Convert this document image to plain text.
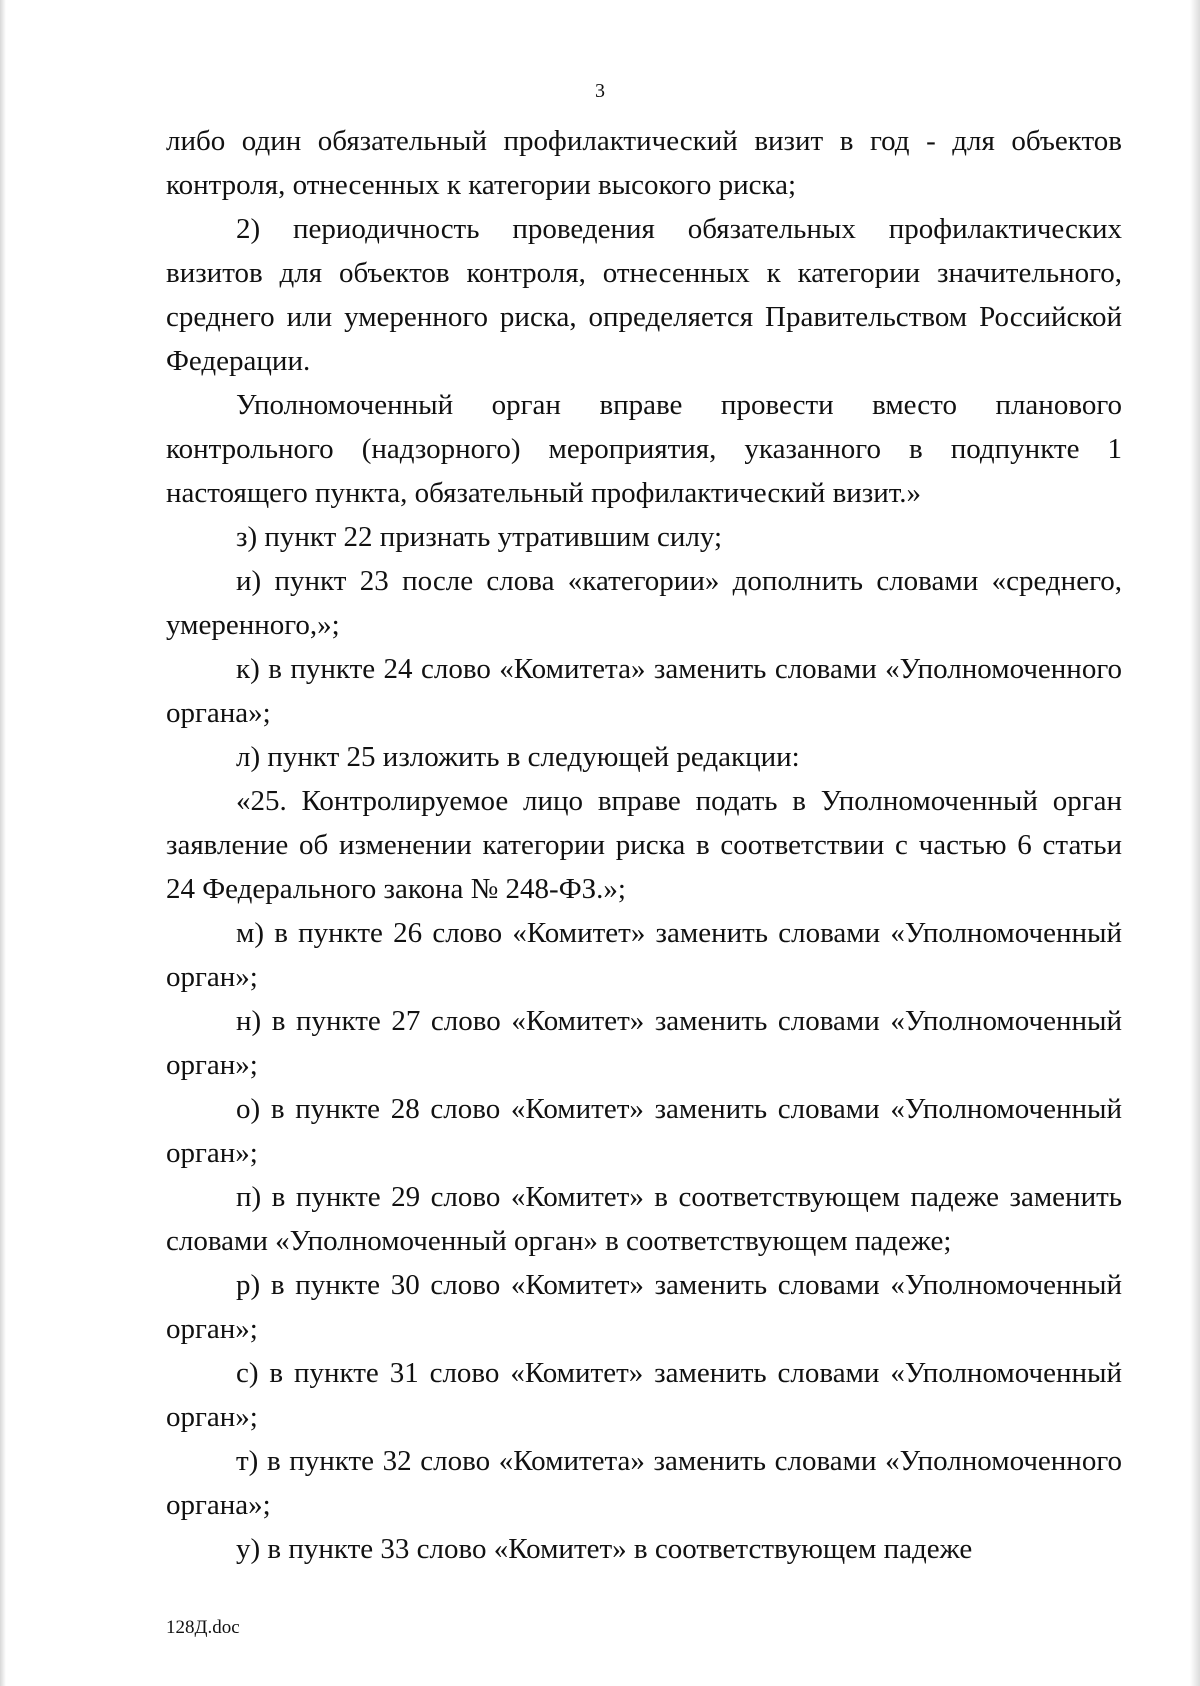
3

либо один обязательный профилактический визит в год - для объектов контроля, отнесенных к категории высокого риска;

2) периодичность проведения обязательных профилактических визитов для объектов контроля, отнесенных к категории значительного, среднего или умеренного риска, определяется Правительством Российской Федерации.

Уполномоченный орган вправе провести вместо планового контрольного (надзорного) мероприятия, указанного в подпункте 1 настоящего пункта, обязательный профилактический визит.»

з) пункт 22 признать утратившим силу;

и) пункт 23 после слова «категории» дополнить словами «среднего, умеренного,»;

к) в пункте 24 слово «Комитета» заменить словами «Уполномоченного органа»;

л) пункт 25 изложить в следующей редакции:

«25. Контролируемое лицо вправе подать в Уполномоченный орган заявление об изменении категории риска в соответствии с частью 6 статьи 24 Федерального закона № 248-ФЗ.»;

м) в пункте 26 слово «Комитет» заменить словами «Уполномоченный орган»;

н) в пункте 27 слово «Комитет» заменить словами «Уполномоченный орган»;

о) в пункте 28 слово «Комитет» заменить словами «Уполномоченный орган»;

п) в пункте 29 слово «Комитет» в соответствующем падеже заменить словами «Уполномоченный орган» в соответствующем падеже;

р) в пункте 30 слово «Комитет» заменить словами «Уполномоченный орган»;

с) в пункте 31 слово «Комитет» заменить словами «Уполномоченный орган»;

т) в пункте 32 слово «Комитета» заменить словами «Уполномоченного органа»;

у) в пункте 33 слово «Комитет» в соответствующем падеже

128Д.doc
